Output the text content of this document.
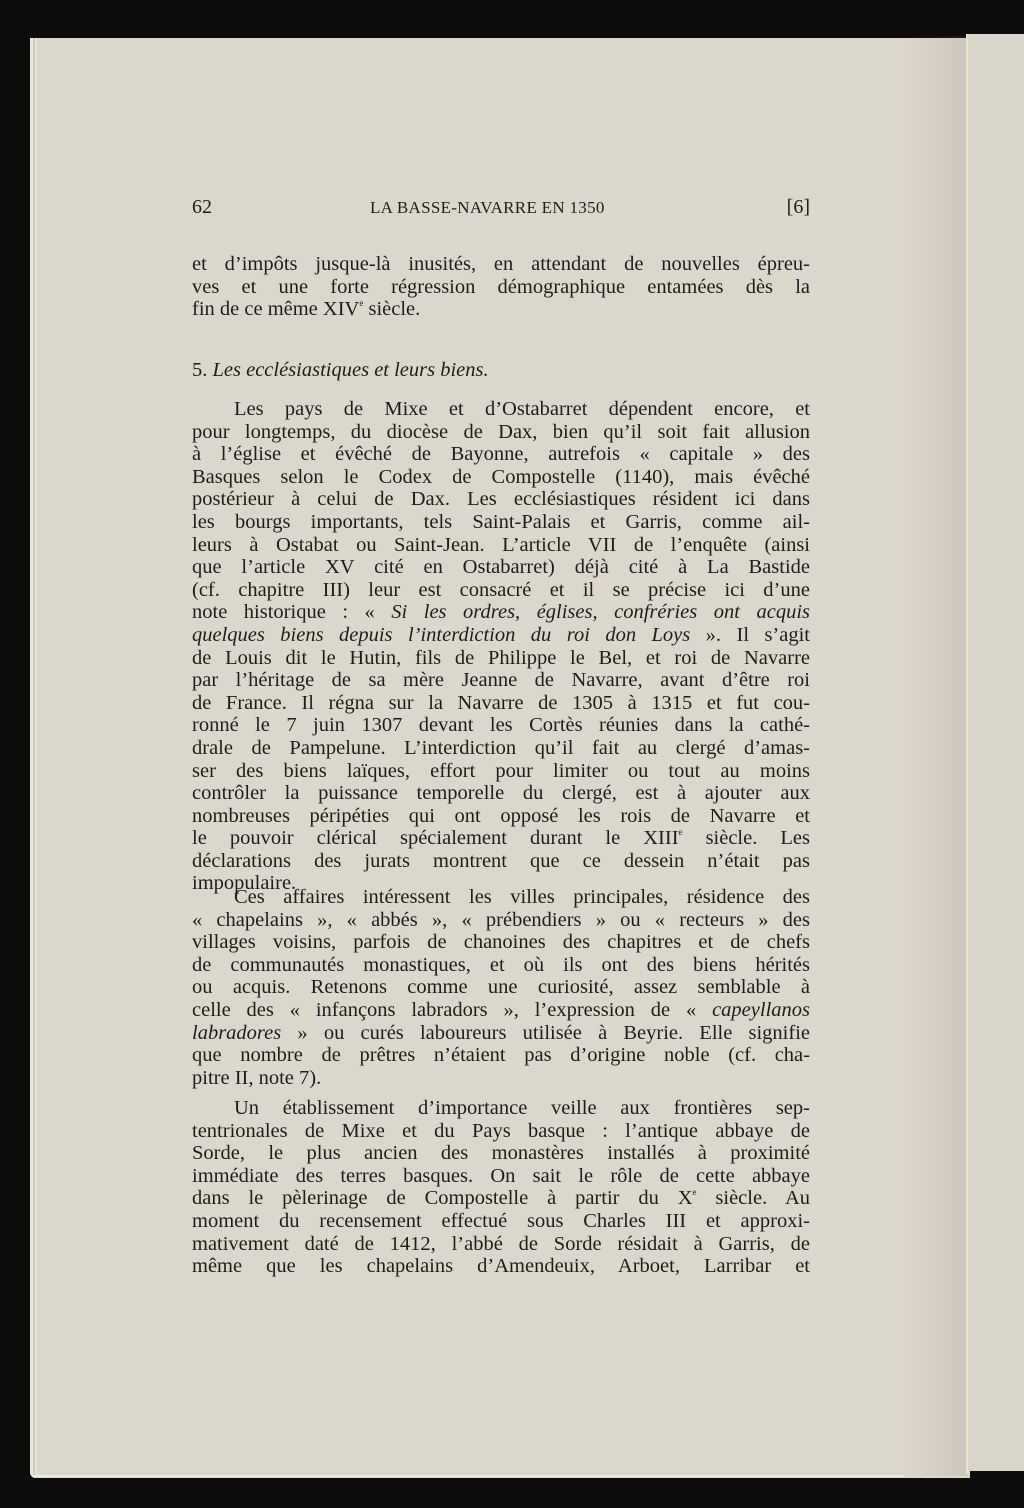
62	LA BASSE-NAVARRE EN 1350	[6]
et d’impôts jusque-là inusités, en attendant de nouvelles épreu-
ves et une forte régression démographique entamées dès la
fin de ce même XIVe siècle.
5. Les ecclésiastiques et leurs biens.
Les pays de Mixe et d’Ostabarret dépendent encore, et
pour longtemps, du diocèse de Dax, bien qu’il soit fait allusion
à l’église et évêché de Bayonne, autrefois « capitale » des
Basques selon le Codex de Compostelle (1140), mais évêché
postérieur à celui de Dax. Les ecclésiastiques résident ici dans
les bourgs importants, tels Saint-Palais et Garris, comme ail-
leurs à Ostabat ou Saint-Jean. L’article VII de l’enquête (ainsi
que l’article XV cité en Ostabarret) déjà cité à La Bastide
(cf. chapitre III) leur est consacré et il se précise ici d’une
note historique : « Si les ordres, églises, confréries ont acquis
quelques biens depuis l’interdiction du roi don Loys ». Il s’agit
de Louis dit le Hutin, fils de Philippe le Bel, et roi de Navarre
par l’héritage de sa mère Jeanne de Navarre, avant d’être roi
de France. Il régna sur la Navarre de 1305 à 1315 et fut cou-
ronné le 7 juin 1307 devant les Cortès réunies dans la cathé-
drale de Pampelune. L’interdiction qu’il fait au clergé d’amas-
ser des biens laïques, effort pour limiter ou tout au moins
contrôler la puissance temporelle du clergé, est à ajouter aux
nombreuses péripéties qui ont opposé les rois de Navarre et
le pouvoir clérical spécialement durant le XIIIe siècle. Les
déclarations des jurats montrent que ce dessein n’était pas
impopulaire.
Ces affaires intéressent les villes principales, résidence des
« chapelains », « abbés », « prébendiers » ou « recteurs » des
villages voisins, parfois de chanoines des chapitres et de chefs
de communautés monastiques, et où ils ont des biens hérités
ou acquis. Retenons comme une curiosité, assez semblable à
celle des « infançons labradors », l’expression de « capeyllanos
labradores » ou curés laboureurs utilisée à Beyrie. Elle signifie
que nombre de prêtres n’étaient pas d’origine noble (cf. cha-
pitre II, note 7).
Un établissement d’importance veille aux frontières sep-
tentrionales de Mixe et du Pays basque : l’antique abbaye de
Sorde, le plus ancien des monastères installés à proximité
immédiate des terres basques. On sait le rôle de cette abbaye
dans le pèlerinage de Compostelle à partir du Xe siècle. Au
moment du recensement effectué sous Charles III et approxi-
mativement daté de 1412, l’abbé de Sorde résidait à Garris, de
même que les chapelains d’Amendeuix, Arboet, Larribar et
